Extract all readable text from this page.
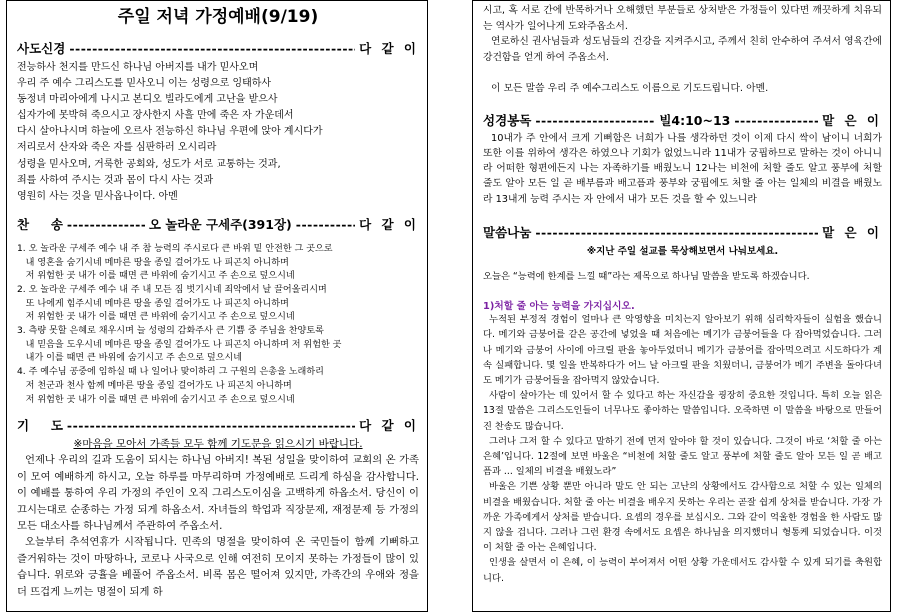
주일 저녁 가정예배(9/19)
사도신경 -----	다 같 이
전능하사 천지를 만드신 하나님 아버지를 내가 믿사오며
우리 주 예수 그리스도를 믿사오니 이는 성령으로 잉태하사
동정녀 마리아에게 나시고 본디오 빌라도에게 고난을 받으사
십자가에 못박혀 죽으시고 장사한지 사흘 만에 죽은 자 가운데서
다시 살아나시며 하늘에 오르사 전능하신 하나님 우편에 앉아 계시다가
저리로서 산자와 죽은 자를 심판하러 오시리라
성령을 믿사오며, 거룩한 공회와, 성도가 서로 교통하는 것과,
죄를 사하여 주시는 것과 몸이 다시 사는 것과
영원히 사는 것을 믿사옵나이다. 아멘
찬     송 -----	오 놀라운 구세주(391장) -----	다 같 이
1. 오 놀라운 구세주 예수 내 주 참 능력의 주시로다 큰 바위 밑 안전한 그 곳으로
내 영혼을 숨기시네 메마른 땅을 종일 걸어가도 나 피곤치 아니하며
저 위험한 곳 내가 이를 때면 큰 바위에 숨기시고 주 손으로 덮으시네
2. 오 놀라운 구세주 예수 내 주 내 모든 짐 벗기시네 죄악에서 날 끌어올리시며
또 나에게 힘주시네 메마른 땅을 종일 걸어가도 나 피곤치 아니하며
저 위험한 곳 내가 이를 때면 큰 바위에 숨기시고 주 손으로 덮으시네
3. 측량 못할 은혜로 채우시며 늘 성령의 감화주사 큰 기쁨 중 주님을 찬양토록
내 믿음을 도우시네 메마른 땅을 종일 걸어가도 나 피곤치 아니하며 저 위험한 곳
내가 이를 때면 큰 바위에 숨기시고 주 손으로 덮으시네
4. 주 예수님 공중에 임하실 때 나 일어나 맞이하리 그 구원의 은총을 노래하리
저 천군과 천사 함께 메마른 땅을 종일 걸어가도 나 피곤치 아니하며
저 위험한 곳 내가 이를 때면 큰 바위에 숨기시고 주 손으로 덮으시네
기     도 -----	다 같 이
※마음을 모아서 가족들 모두 함께 기도문을 읽으시기 바랍니다.

언제나 우리의 길과 도움이 되시는 하나님 아버지! 복된 성일을 맞이하여 교회의 온 가족이 모여 예배하게 하시고, 오늘 하루를 마무리하며 가정예배로 드리게 하심을 감사합니다. 이 예배를 통하여 우리 가정의 주인이 오직 그리스도이심을 고백하게 하옵소서. 당신이 이끄시는대로 순종하는 가정 되게 하옵소서. 자녀들의 학업과 직장문제, 재정문제 등 가정의 모든 대소사를 하나님께서 주관하여 주옵소서.

오늘부터 추석연휴가 시작됩니다. 민족의 명절을 맞이하여 온 국민들이 함께 기뻐하고 즐거워하는 것이 마땅하나, 코로나 사국으로 인해 여전히 모이지 못하는 가정들이 많이 있습니다. 위로와 긍휼을 베풀어 주옵소서. 비록 몸은 떨어져 있지만, 가족간의 우애와 정을 더 뜨겁게 느끼는 명절이 되게 하

시고, 혹 서로 간에 반목하거나 오해했던 부분들로 상처받은 가정들이 있다면 깨끗하게 치유되는 역사가 일어나게 도와주옵소서.

연로하신 권사님들과 성도님들의 건강을 지켜주시고, 주께서 친히 안수하여 주셔서 영육간에 강건함을 얻게 하여 주옵소서.

이 모든 말씀 우리 주 예수그리스도 이름으로 기도드립니다. 아멘.

성경봉독 -----	빌4:10~13 -----	맡 은 이

10내가 주 안에서 크게 기뻐함은 너희가 나를 생각하던 것이 이제 다시 싹이 남이니 너희가 또한 이를 위하여 생각은 하였으나 기회가 없었느니라 11내가 궁핍하므로 말하는 것이 아니니라 어떠한 형편에든지 나는 자족하기를 배웠노니 12나는 비천에 처할 줄도 알고 풍부에 처할 줄도 알아 모든 일 곧 배부름과 배고픔과 풍부와 궁핍에도 처할 줄 아는 일체의 비결을 배웠노라 13내게 능력 주시는 자 안에서 내가 모든 것을 할 수 있느니라

말씀나눔 -----	맡 은 이
※지난 주일 설교를 묵상해보면서 나눠보세요.
오늘은 “능력에 한계를 느낄 때”라는 제목으로 하나님 말씀을 받도록 하겠습니다.
1)처할 줄 아는 능력을 가지십시오.

누적된 부정적 경험이 얼마나 큰 악영향을 미치는지 알아보기 위해 심리학자들이 실험을 했습니다. 메기와 금붕어를 같은 공간에 넣었을 때 처음에는 메기가 금붕어들을 다 잡아먹었습니다. 그러나 메기와 금붕어 사이에 아크릴 판을 놓아두었더니 메기가 금붕어를 잡아먹으려고 시도하다가 계속 실패합니다. 몇 일을 반복하다가 어느 날 아크릴 판을 치웠더니, 금붕어가 메기 주변을 돌아다녀도 메기가 금붕어들을 잡아먹지 않았습니다.

사람이 살아가는 데 있어서 할 수 있다고 하는 자신감을 굉장히 중요한 것입니다. 특히 오늘 읽은 13절 말씀은 그리스도인들이 너무나도 좋아하는 말씀입니다. 오죽하면 이 말씀을 바탕으로 만들어진 찬송도 많습니다.

그러나 그저 할 수 있다고 말하기 전에 먼저 알아야 할 것이 있습니다. 그것이 바로 ‘처할 줄 아는 은혜’입니다. 12절에 보면 바울은 “비천에 처할 줄도 알고 풍부에 처할 줄도 알아 모든 일 곧 배고픔과 ... 일체의 비결을 배웠노라”

바울은 기쁜 상황 뿐만 아니라 말도 안 되는 고난의 상황에서도 감사함으로 처할 수 있는 일체의 비결을 배웠습니다. 처할 줄 아는 비결을 배우지 못하는 우리는 곧잘 쉽게 상처를 받습니다. 가장 가까운 가족에게서 상처를 받습니다. 요셉의 경우를 보십시오. 그와 같이 억울한 경험을 한 사람도 많지 않을 겁니다. 그러나 그런 환경 속에서도 요셉은 하나님을 의지했더니 형통케 되었습니다. 이것이 처할 줄 아는 은혜입니다.

인생을 살면서 이 은혜, 이 능력이 부어져서 어떤 상황 가운데서도 감사할 수 있게 되기를 축원합니다.
